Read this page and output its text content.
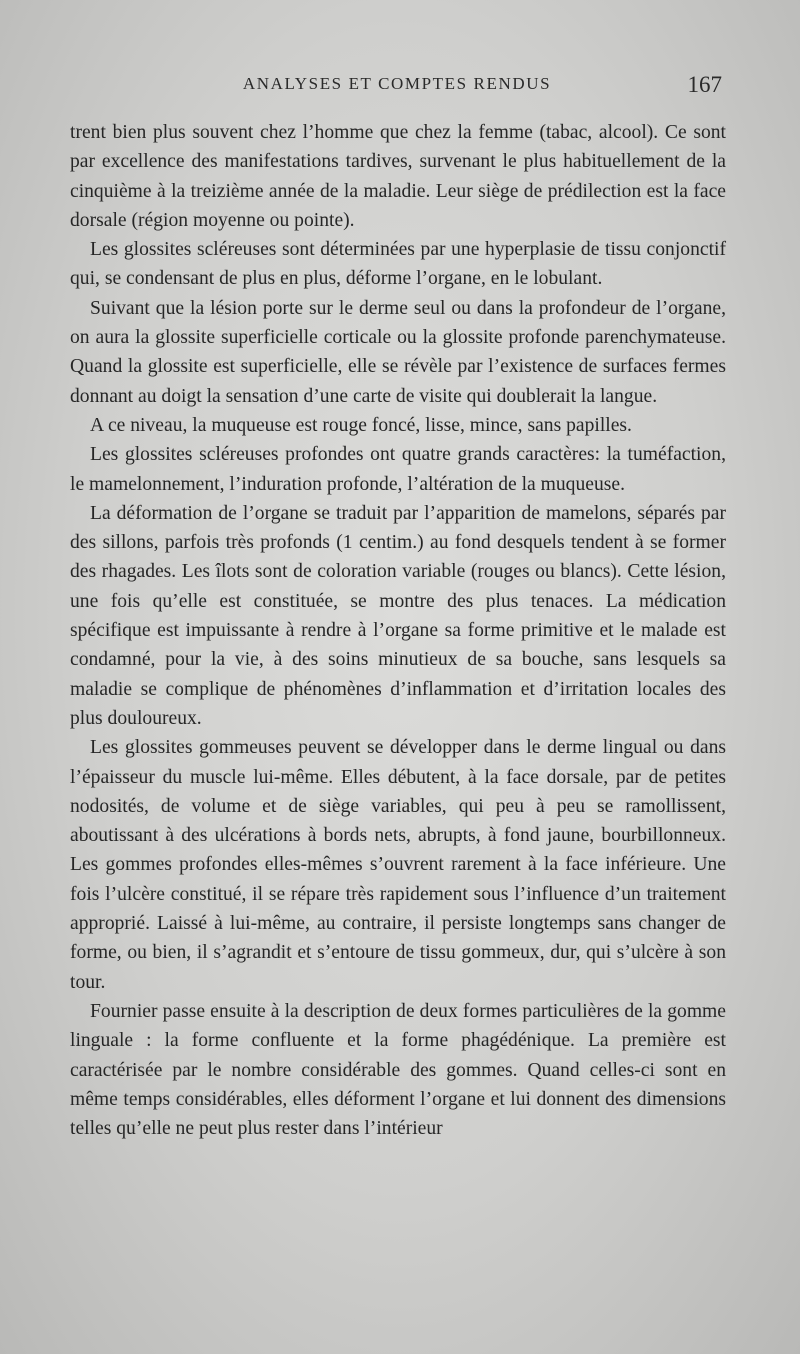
ANALYSES ET COMPTES RENDUS	167

trent bien plus souvent chez l’homme que chez la femme (tabac, alcool). Ce sont par excellence des manifestations tardives, survenant le plus habituellement de la cinquième à la treizième année de la maladie. Leur siège de prédilection est la face dorsale (région moyenne ou pointe).

Les glossites scléreuses sont déterminées par une hyperplasie de tissu conjonctif qui, se condensant de plus en plus, déforme l’organe, en le lobulant.

Suivant que la lésion porte sur le derme seul ou dans la profondeur de l’organe, on aura la glossite superficielle corticale ou la glossite profonde parenchymateuse. Quand la glossite est superficielle, elle se révèle par l’existence de surfaces fermes donnant au doigt la sensation d’une carte de visite qui doublerait la langue.

A ce niveau, la muqueuse est rouge foncé, lisse, mince, sans papilles.

Les glossites scléreuses profondes ont quatre grands caractères: la tuméfaction, le mamelonnement, l’induration profonde, l’altération de la muqueuse.

La déformation de l’organe se traduit par l’apparition de mamelons, séparés par des sillons, parfois très profonds (1 centim.) au fond desquels tendent à se former des rhagades. Les îlots sont de coloration variable (rouges ou blancs). Cette lésion, une fois qu’elle est constituée, se montre des plus tenaces. La médication spécifique est impuissante à rendre à l’organe sa forme primitive et le malade est condamné, pour la vie, à des soins minutieux de sa bouche, sans lesquels sa maladie se complique de phénomènes d’inflammation et d’irritation locales des plus douloureux.

Les glossites gommeuses peuvent se développer dans le derme lingual ou dans l’épaisseur du muscle lui-même. Elles débutent, à la face dorsale, par de petites nodosités, de volume et de siège variables, qui peu à peu se ramollissent, aboutissant à des ulcérations à bords nets, abrupts, à fond jaune, bourbillonneux. Les gommes profondes elles-mêmes s’ouvrent rarement à la face inférieure. Une fois l’ulcère constitué, il se répare très rapidement sous l’influence d’un traitement approprié. Laissé à lui-même, au contraire, il persiste longtemps sans changer de forme, ou bien, il s’agrandit et s’entoure de tissu gommeux, dur, qui s’ulcère à son tour.

Fournier passe ensuite à la description de deux formes particulières de la gomme linguale : la forme confluente et la forme phagédénique. La première est caractérisée par le nombre considérable des gommes. Quand celles-ci sont en même temps considérables, elles déforment l’organe et lui donnent des dimensions telles qu’elle ne peut plus rester dans l’intérieur
